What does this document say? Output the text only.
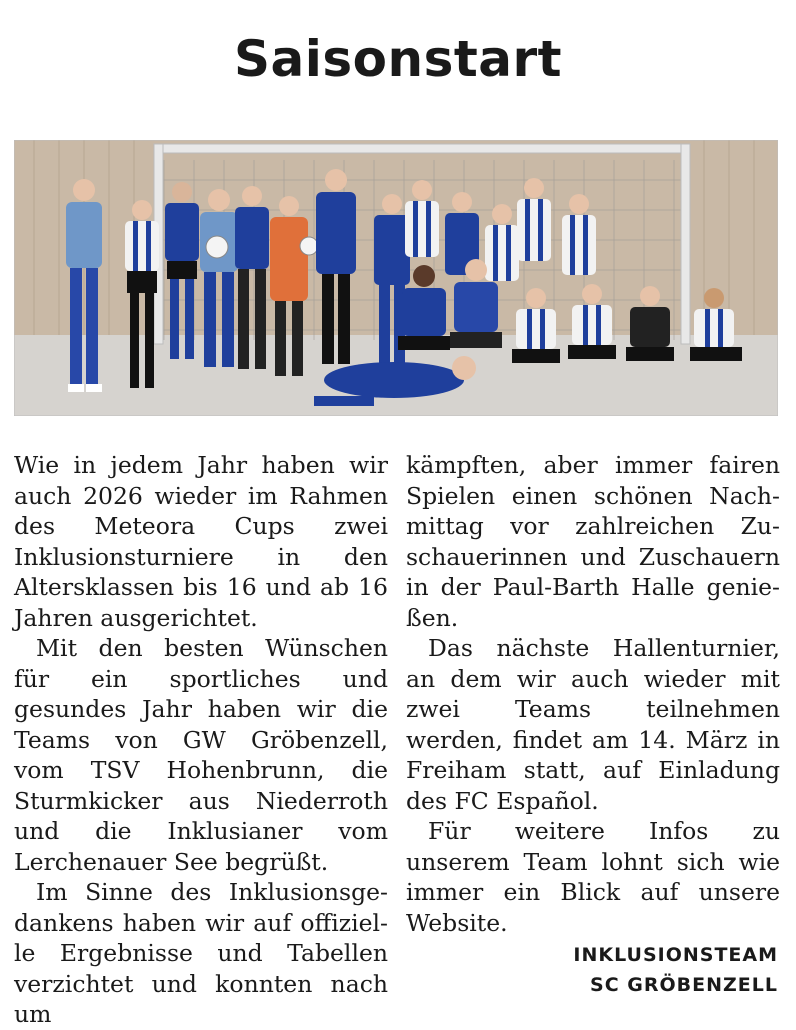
Saisonstart

Wie in jedem Jahr haben wir auch 2026 wieder im Rahmen des Meteora Cups zwei Inklusionsturniere in den Altersklassen bis 16 und ab 16 Jahren ausgerichtet.

Mit den besten Wünschen für ein sportliches und gesundes Jahr haben wir die Teams von GW Gröbenzell, vom TSV Hohenbrunn, die Sturmkicker aus Niederroth und die Inklusianer vom Lerchenauer See begrüßt.

Im Sinne des Inklusionsgedankens haben wir auf offizielle Ergebnisse und Tabellen verzichtet und konnten nach um

kämpften, aber immer fairen Spielen einen schönen Nachmittag vor zahlreichen Zuschauerinnen und Zuschauern in der Paul-Barth Halle genießen.

Das nächste Hallenturnier, an dem wir auch wieder mit zwei Teams teilnehmen werden, findet am 14. März in Freiham statt, auf Einladung des FC Español.

Für weitere Infos zu unserem Team lohnt sich wie immer ein Blick auf unsere Website.

INKLUSIONSTEAM
SC GRÖBENZELL
